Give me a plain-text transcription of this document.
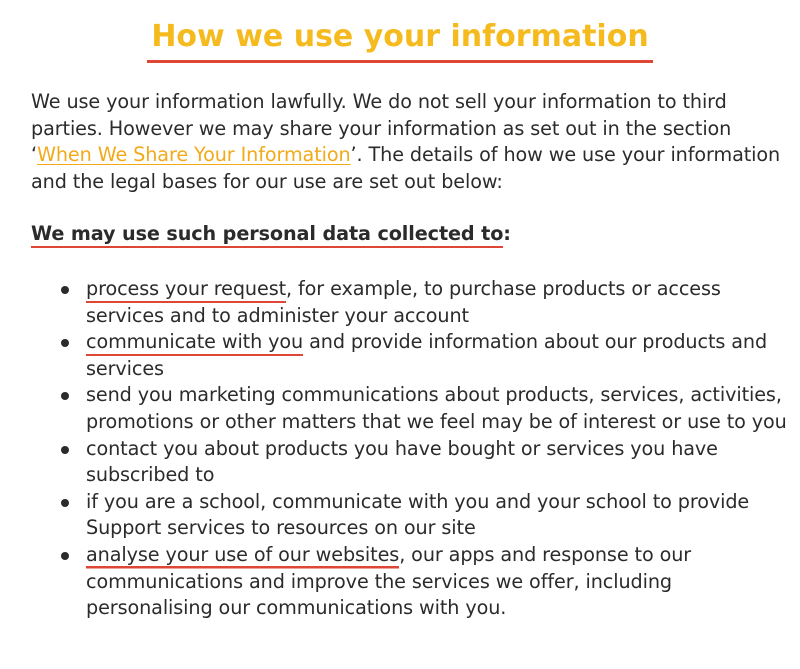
How we use your information

We use your information lawfully. We do not sell your information to third parties. However we may share your information as set out in the section ‘When We Share Your Information’. The details of how we use your information and the legal bases for our use are set out below:

We may use such personal data collected to:

process your request, for example, to purchase products or access services and to administer your account
communicate with you and provide information about our products and services
send you marketing communications about products, services, activities, promotions or other matters that we feel may be of interest or use to you
contact you about products you have bought or services you have subscribed to
if you are a school, communicate with you and your school to provide Support services to resources on our site
analyse your use of our websites, our apps and response to our communications and improve the services we offer, including personalising our communications with you.
